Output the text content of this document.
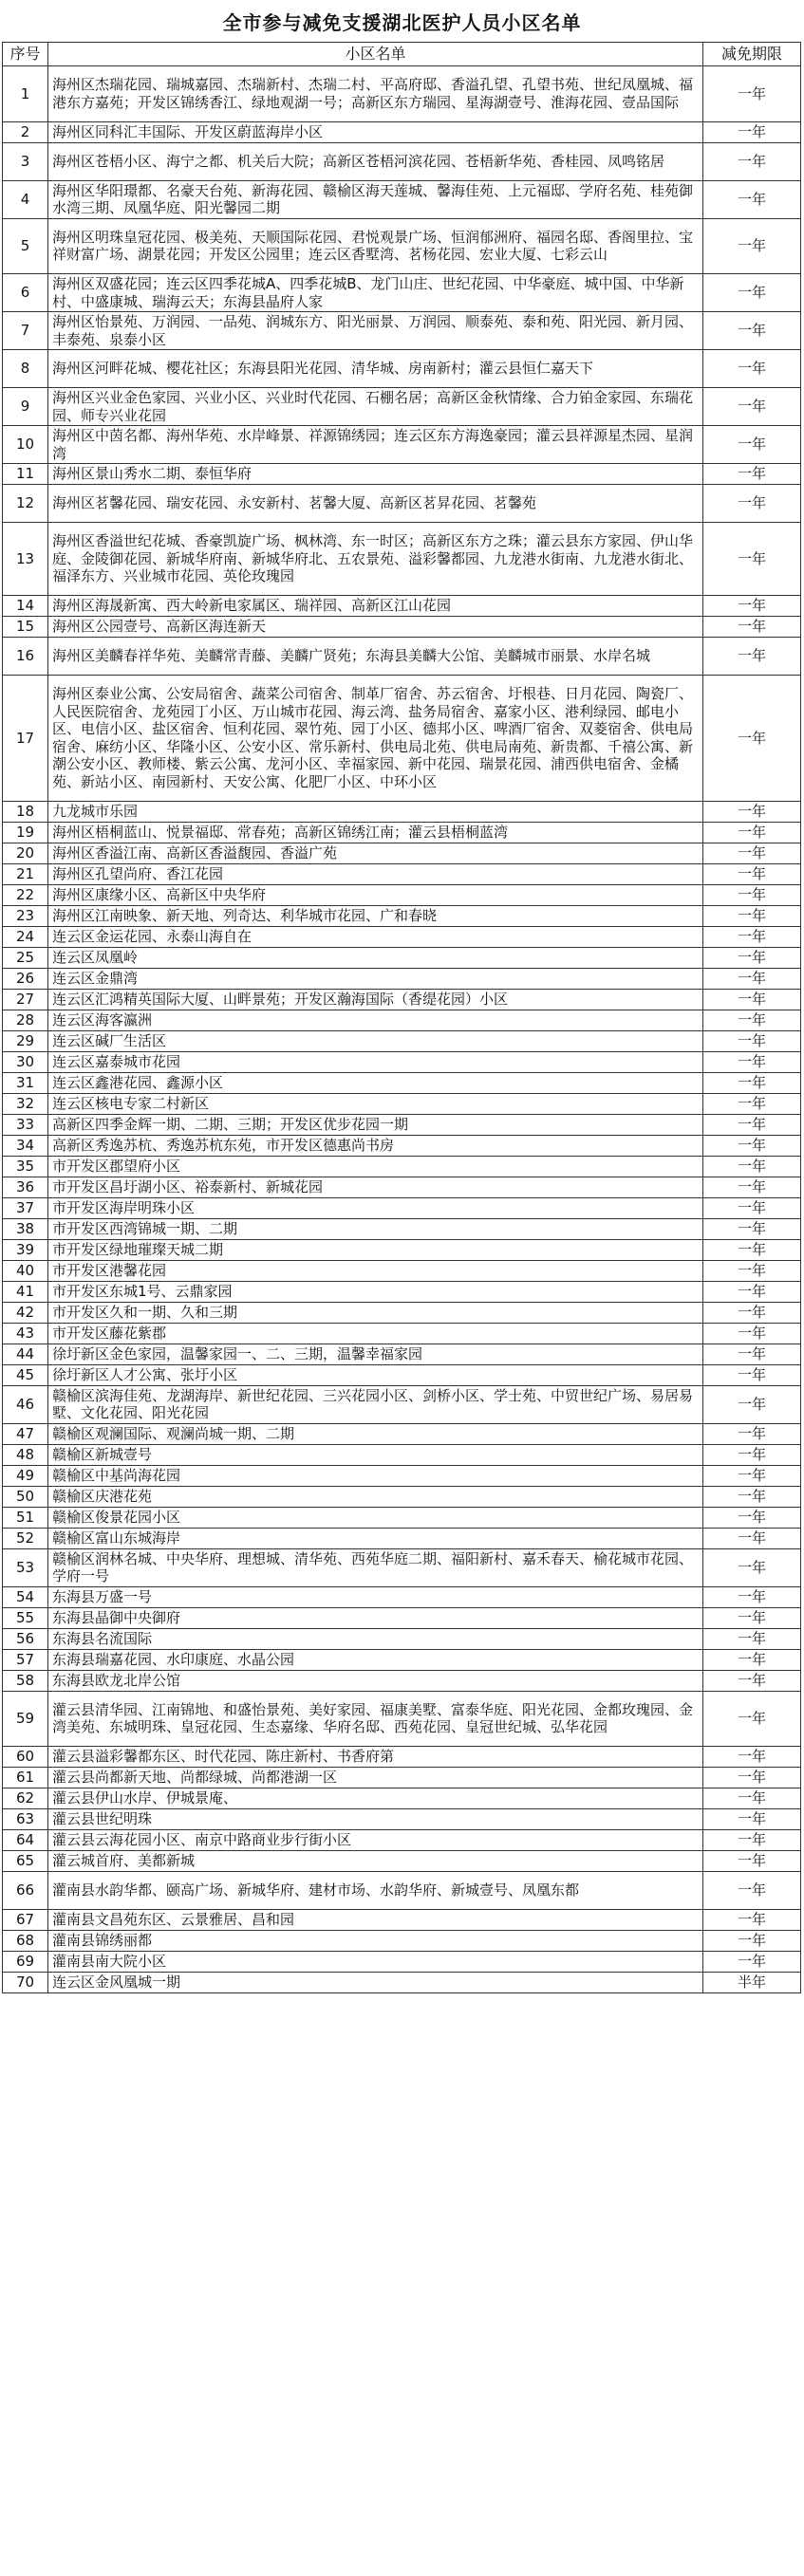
全市参与减免支援湖北医护人员小区名单
序号	小区名单	减免期限
1	海州区杰瑞花园、瑞城嘉园、杰瑞新村、杰瑞二村、平高府邸、香溢孔望、孔望书苑、世纪凤凰城、福港东方嘉苑；开发区锦绣香江、绿地观湖一号；高新区东方瑞园、星海湖壹号、淮海花园、壹品国际	一年
2	海州区同科汇丰国际、开发区蔚蓝海岸小区	一年
3	海州区苍梧小区、海宁之都、机关后大院；高新区苍梧河滨花园、苍梧新华苑、香桂园、凤鸣铭居	一年
4	海州区华阳璟都、名豪天台苑、新海花园、赣榆区海天莲城、馨海佳苑、上元福邸、学府名苑、桂苑御水湾三期、凤凰华庭、阳光馨园二期	一年
5	海州区明珠皇冠花园、极美苑、天顺国际花园、君悦观景广场、恒润郁洲府、福园名邸、香阁里拉、宝祥财富广场、湖景花园；开发区公园里；连云区香墅湾、茗杨花园、宏业大厦、七彩云山	一年
6	海州区双盛花园；连云区四季花城A、四季花城B、龙门山庄、世纪花园、中华豪庭、城中国、中华新村、中盛康城、瑞海云天；东海县晶府人家	一年
7	海州区怡景苑、万润园、一品苑、润城东方、阳光丽景、万润园、顺泰苑、泰和苑、阳光园、新月园、丰泰苑、泉泰小区	一年
8	海州区河畔花城、樱花社区；东海县阳光花园、清华城、房南新村；灌云县恒仁嘉天下	一年
9	海州区兴业金色家园、兴业小区、兴业时代花园、石棚名居；高新区金秋情缘、合力铂金家园、东瑞花园、师专兴业花园	一年
10	海州区中茵名都、海州华苑、水岸峰景、祥源锦绣园；连云区东方海逸豪园；灌云县祥源星杰园、星润湾	一年
11	海州区景山秀水二期、泰恒华府	一年
12	海州区茗馨花园、瑞安花园、永安新村、茗馨大厦、高新区茗昇花园、茗馨苑	一年
13	海州区香溢世纪花城、香豪凯旋广场、枫林湾、东一时区；高新区东方之珠；灌云县东方家园、伊山华庭、金陵御花园、新城华府南、新城华府北、五农景苑、溢彩馨都园、九龙港水街南、九龙港水街北、福泽东方、兴业城市花园、英伦玫瑰园	一年
14	海州区海晟新寓、西大岭新电家属区、瑞祥园、高新区江山花园	一年
15	海州区公园壹号、高新区海连新天	一年
16	海州区美麟春祥华苑、美麟常青藤、美麟广贤苑；东海县美麟大公馆、美麟城市丽景、水岸名城	一年
17	海州区泰业公寓、公安局宿舍、蔬菜公司宿舍、制革厂宿舍、苏云宿舍、圩根巷、日月花园、陶瓷厂、人民医院宿舍、龙苑园丁小区、万山城市花园、海云湾、盐务局宿舍、嘉家小区、港利绿园、邮电小区、电信小区、盐区宿舍、恒利花园、翠竹苑、园丁小区、德邦小区、啤酒厂宿舍、双菱宿舍、供电局宿舍、麻纺小区、华隆小区、公安小区、常乐新村、供电局北苑、供电局南苑、新贵都、千禧公寓、新潮公安小区、教师楼、紫云公寓、龙河小区、幸福家园、新中花园、瑞景花园、浦西供电宿舍、金橘苑、新站小区、南园新村、天安公寓、化肥厂小区、中环小区	一年
18	九龙城市乐园	一年
19	海州区梧桐蓝山、悦景福邸、常春苑；高新区锦绣江南；灌云县梧桐蓝湾	一年
20	海州区香溢江南、高新区香溢馥园、香溢广苑	一年
21	海州区孔望尚府、香江花园	一年
22	海州区康缘小区、高新区中央华府	一年
23	海州区江南映象、新天地、列奇达、利华城市花园、广和春晓	一年
24	连云区金运花园、永泰山海自在	一年
25	连云区凤凰岭	一年
26	连云区金鼎湾	一年
27	连云区汇鸿精英国际大厦、山畔景苑；开发区瀚海国际（香缇花园）小区	一年
28	连云区海客瀛洲	一年
29	连云区碱厂生活区	一年
30	连云区嘉泰城市花园	一年
31	连云区鑫港花园、鑫源小区	一年
32	连云区核电专家二村新区	一年
33	高新区四季金辉一期、二期、三期；开发区优步花园一期	一年
34	高新区秀逸苏杭、秀逸苏杭东苑，市开发区德惠尚书房	一年
35	市开发区郡望府小区	一年
36	市开发区昌圩湖小区、裕泰新村、新城花园	一年
37	市开发区海岸明珠小区	一年
38	市开发区西湾锦城一期、二期	一年
39	市开发区绿地璀璨天城二期	一年
40	市开发区港馨花园	一年
41	市开发区东城1号、云鼎家园	一年
42	市开发区久和一期、久和三期	一年
43	市开发区藤花紫郡	一年
44	徐圩新区金色家园，温馨家园一、二、三期，温馨幸福家园	一年
45	徐圩新区人才公寓、张圩小区	一年
46	赣榆区滨海佳苑、龙湖海岸、新世纪花园、三兴花园小区、剑桥小区、学士苑、中贸世纪广场、易居易墅、文化花园、阳光花园	一年
47	赣榆区观澜国际、观澜尚城一期、二期	一年
48	赣榆区新城壹号	一年
49	赣榆区中基尚海花园	一年
50	赣榆区庆港花苑	一年
51	赣榆区俊景花园小区	一年
52	赣榆区富山东城海岸	一年
53	赣榆区润林名城、中央华府、理想城、清华苑、西苑华庭二期、福阳新村、嘉禾春天、榆花城市花园、学府一号	一年
54	东海县万盛一号	一年
55	东海县晶御中央御府	一年
56	东海县名流国际	一年
57	东海县瑞嘉花园、水印康庭、水晶公园	一年
58	东海县欧龙北岸公馆	一年
59	灌云县清华园、江南锦地、和盛怡景苑、美好家园、福康美墅、富泰华庭、阳光花园、金都玫瑰园、金湾美苑、东城明珠、皇冠花园、生态嘉缘、华府名邸、西苑花园、皇冠世纪城、弘华花园	一年
60	灌云县溢彩馨都东区、时代花园、陈庄新村、书香府第	一年
61	灌云县尚都新天地、尚都绿城、尚都港湖一区	一年
62	灌云县伊山水岸、伊城景庵、	一年
63	灌云县世纪明珠	一年
64	灌云县云海花园小区、南京中路商业步行街小区	一年
65	灌云城首府、美都新城	一年
66	灌南县水韵华都、颐高广场、新城华府、建材市场、水韵华府、新城壹号、凤凰东都	一年
67	灌南县文昌苑东区、云景雅居、昌和园	一年
68	灌南县锦绣丽都	一年
69	灌南县南大院小区	一年
70	连云区金风凰城一期	半年
